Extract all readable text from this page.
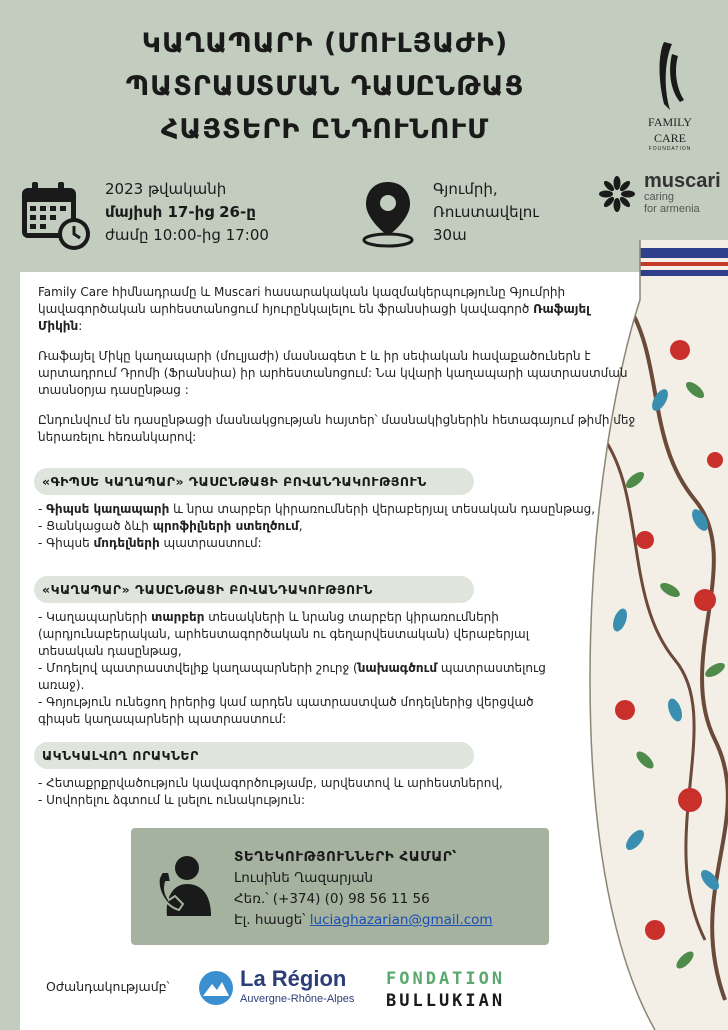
ԿԱՂԱՊԱՐԻ (ՄՈՒԼՅԱԺԻ)
ՊԱՏՐԱՍՏՄԱՆ ԴԱՍԸՆԹԱՑ
ՀԱՅՏԵՐԻ ԸՆԴՈՒՆՈՒՄ	FAMILY
CARE
FOUNDATION
muscari
caring
for armenia
2023 թվականի
մայիսի 17-ից 26-ը
ժամը 10:00-ից 17:00
Գյումրի,
Ռուստավելու
30ա

Family Care հիմնադրամը և Muscari հասարակական կազմակերպությունը Գյումրիի կավագործական արհեստանոցում հյուրընկալելու են ֆրանսիացի կավագործ Ռաֆայել Միկին:

Ռաֆայել Միկը կաղապարի (մուլյաժի) մասնագետ է և իր սեփական հավաքածուներն է արտադրում Դրոմի (Ֆրանսիա) իր արհեստանոցում: Նա կվարի կաղապարի պատրաստման տասնօրյա դասընթաց :

Ընդունվում են դասընթացի մասնակցության հայտեր՝ մասնակիցներին հետագայում թիմի մեջ ներառելու հեռանկարով:

«ԳԻՊՍԵ ԿԱՂԱՊԱՐ» ԴԱՍԸՆԹԱՑԻ ԲՈՎԱՆԴԱԿՈՒԹՅՈՒՆ
- Գիպսե կաղապարի և նրա տարբեր կիրառումների վերաբերյալ տեսական դասընթաց,
- Ցանկացած ձևի պրոֆիլների ստեղծում,
- Գիպսե մոդելների պատրաստում:
«ԿԱՂԱՊԱՐ» ԴԱՍԸՆԹԱՑԻ ԲՈՎԱՆԴԱԿՈՒԹՅՈՒՆ
- Կաղապարների տարբեր տեսակների և նրանց տարբեր կիրառումների (արդյունաբերական, արհեստագործական ու գեղարվեստական) վերաբերյալ տեսական դասընթաց,
- Մոդելով պատրաստվելիք կաղապարների շուրջ (նախագծում պատրաստելուց առաջ).
- Գոյություն ունեցող իրերից կամ արդեն պատրաստված մոդելներից վերցված գիպսե կաղապարների պատրաստում:
ԱԿՆԿԱԼՎՈՂ ՈՐԱԿՆԵՐ
- Հետաքրքրվածություն կավագործությամբ, արվեստով և արհեստներով,
- Սովորելու ձգտում և լսելու ունակություն:
ՏԵՂԵԿՈՒԹՅՈՒՆՆԵՐԻ ՀԱՄԱՐ՝
Լուսինե Ղազարյան
Հեռ.՝ (+374) (0) 98 56 11 56
Էլ. հասցե՝ luciaghazarian@gmail.com
Օժանդակությամբ՝	La Région
Auvergne-Rhône-Alpes
FONDATION
BULLUKIAN
